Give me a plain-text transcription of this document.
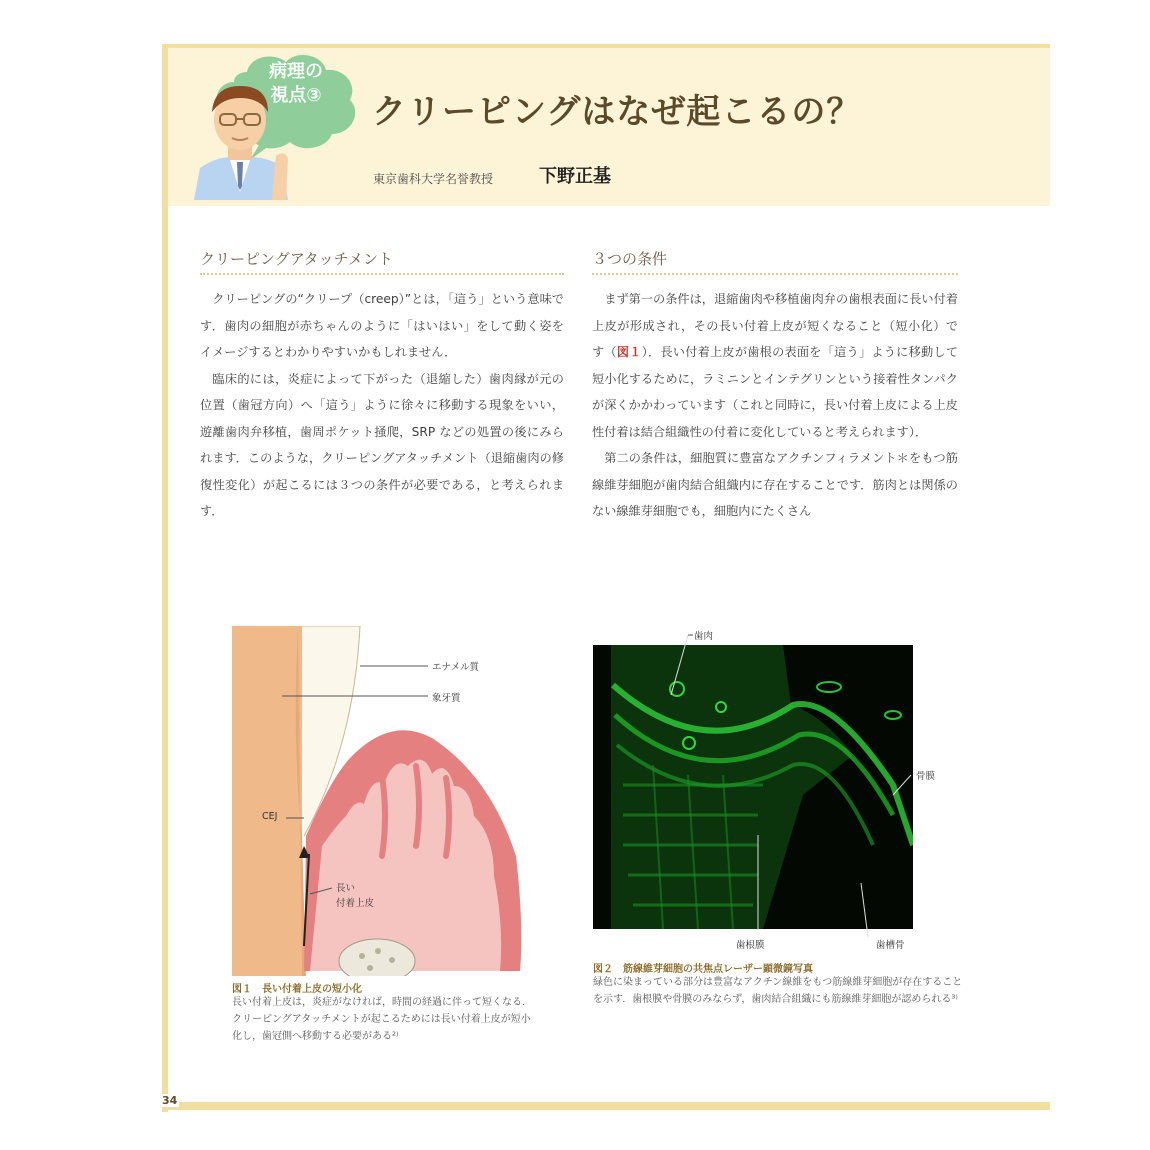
34
病理の
視点③	クリーピングはなぜ起こるの？
東京歯科大学名誉教授	下野正基
クリーピングアタッチメント

クリーピングの“クリープ（creep）”とは，「這う」という意味です．歯肉の細胞が赤ちゃんのように「はいはい」をして動く姿をイメージするとわかりやすいかもしれません．

臨床的には，炎症によって下がった（退縮した）歯肉縁が元の位置（歯冠方向）へ「這う」ように徐々に移動する現象をいい，遊離歯肉弁移植，歯周ポケット掻爬，SRP などの処置の後にみられます．このような，クリーピングアタッチメント（退縮歯肉の修復性変化）が起こるには３つの条件が必要である，と考えられます．

３つの条件

まず第一の条件は，退縮歯肉や移植歯肉弁の歯根表面に長い付着上皮が形成され，その長い付着上皮が短くなること（短小化）です（図１）．長い付着上皮が歯根の表面を「這う」ように移動して短小化するために，ラミニンとインテグリンという接着性タンパクが深くかかわっています（これと同時に，長い付着上皮による上皮性付着は結合組織性の付着に変化していると考えられます）．

第二の条件は，細胞質に豊富なアクチンフィラメント＊をもつ筋線維芽細胞が歯肉結合組織内に存在することです．筋肉とは関係のない線維芽細胞でも，細胞内にたくさん

エナメル質
象牙質
CEJ
長い
付着上皮
図１　長い付着上皮の短小化
長い付着上皮は，炎症がなければ，時間の経過に伴って短くなる．クリーピングアタッチメントが起こるためには長い付着上皮が短小化し，歯冠側へ移動する必要がある²⁾
歯肉
骨膜
歯根膜	歯槽骨
図２　筋線維芽細胞の共焦点レーザー顕微鏡写真
緑色に染まっている部分は豊富なアクチン線維をもつ筋線維芽細胞が存在することを示す．歯根膜や骨膜のみならず，歯肉結合組織にも筋線維芽細胞が認められる³⁾
